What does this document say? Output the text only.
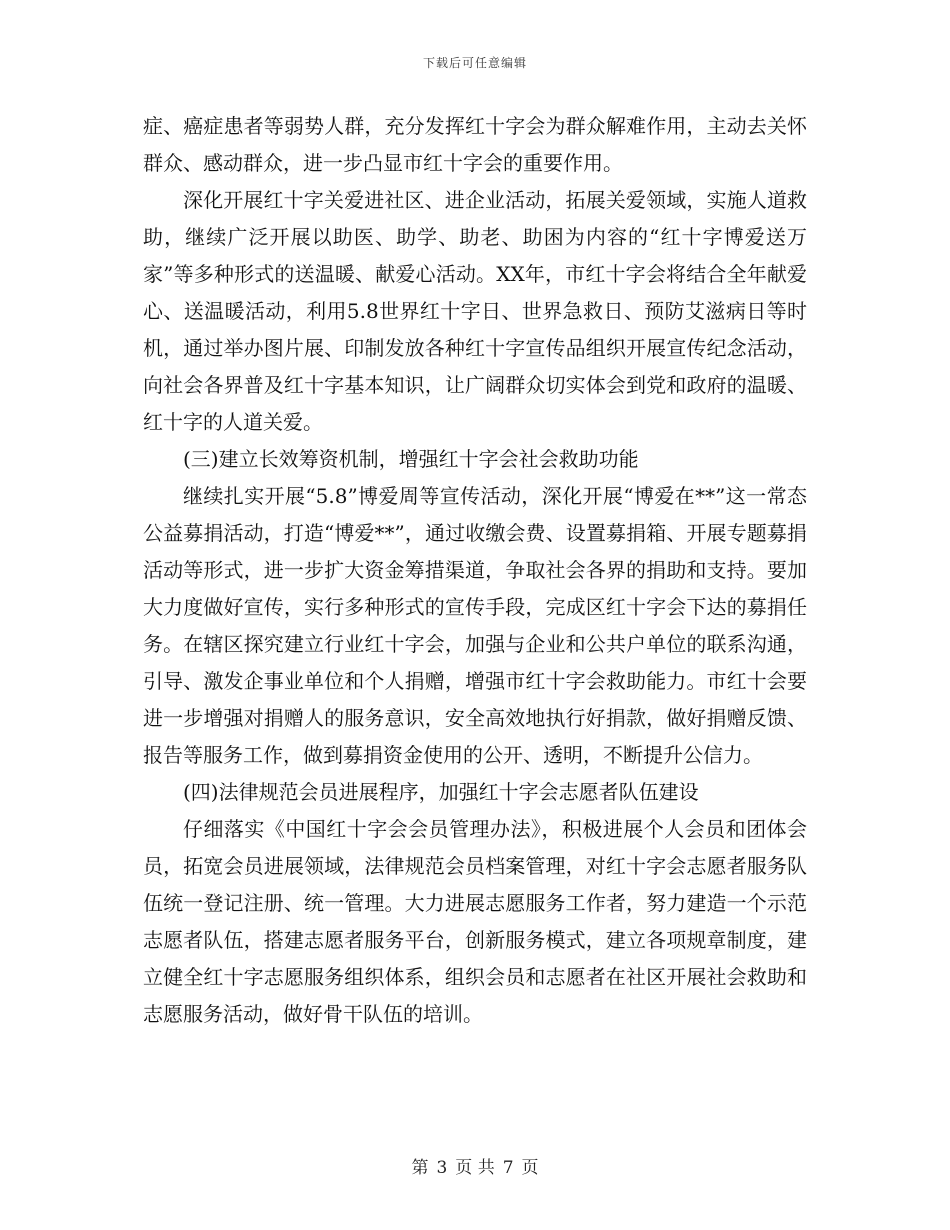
下载后可任意编辑

症、癌症患者等弱势人群，充分发挥红十字会为群众解难作用，主动去关怀群众、感动群众，进一步凸显市红十字会的重要作用。

深化开展红十字关爱进社区、进企业活动，拓展关爱领域，实施人道救助，继续广泛开展以助医、助学、助老、助困为内容的“红十字博爱送万家”等多种形式的送温暖、献爱心活动。XX年，市红十字会将结合全年献爱心、送温暖活动，利用5.8世界红十字日、世界急救日、预防艾滋病日等时机，通过举办图片展、印制发放各种红十字宣传品组织开展宣传纪念活动，向社会各界普及红十字基本知识，让广阔群众切实体会到党和政府的温暖、红十字的人道关爱。

(三)建立长效筹资机制，增强红十字会社会救助功能

继续扎实开展“5.8”博爱周等宣传活动，深化开展“博爱在**”这一常态公益募捐活动，打造“博爱**”，通过收缴会费、设置募捐箱、开展专题募捐活动等形式，进一步扩大资金筹措渠道，争取社会各界的捐助和支持。要加大力度做好宣传，实行多种形式的宣传手段，完成区红十字会下达的募捐任务。在辖区探究建立行业红十字会，加强与企业和公共户单位的联系沟通，引导、激发企事业单位和个人捐赠，增强市红十字会救助能力。市红十会要进一步增强对捐赠人的服务意识，安全高效地执行好捐款，做好捐赠反馈、报告等服务工作，做到募捐资金使用的公开、透明，不断提升公信力。

(四)法律规范会员进展程序，加强红十字会志愿者队伍建设

仔细落实《中国红十字会会员管理办法》，积极进展个人会员和团体会员，拓宽会员进展领域，法律规范会员档案管理，对红十字会志愿者服务队伍统一登记注册、统一管理。大力进展志愿服务工作者，努力建造一个示范志愿者队伍，搭建志愿者服务平台，创新服务模式，建立各项规章制度，建立健全红十字志愿服务组织体系，组织会员和志愿者在社区开展社会救助和志愿服务活动，做好骨干队伍的培训。

第 3 页 共 7 页
